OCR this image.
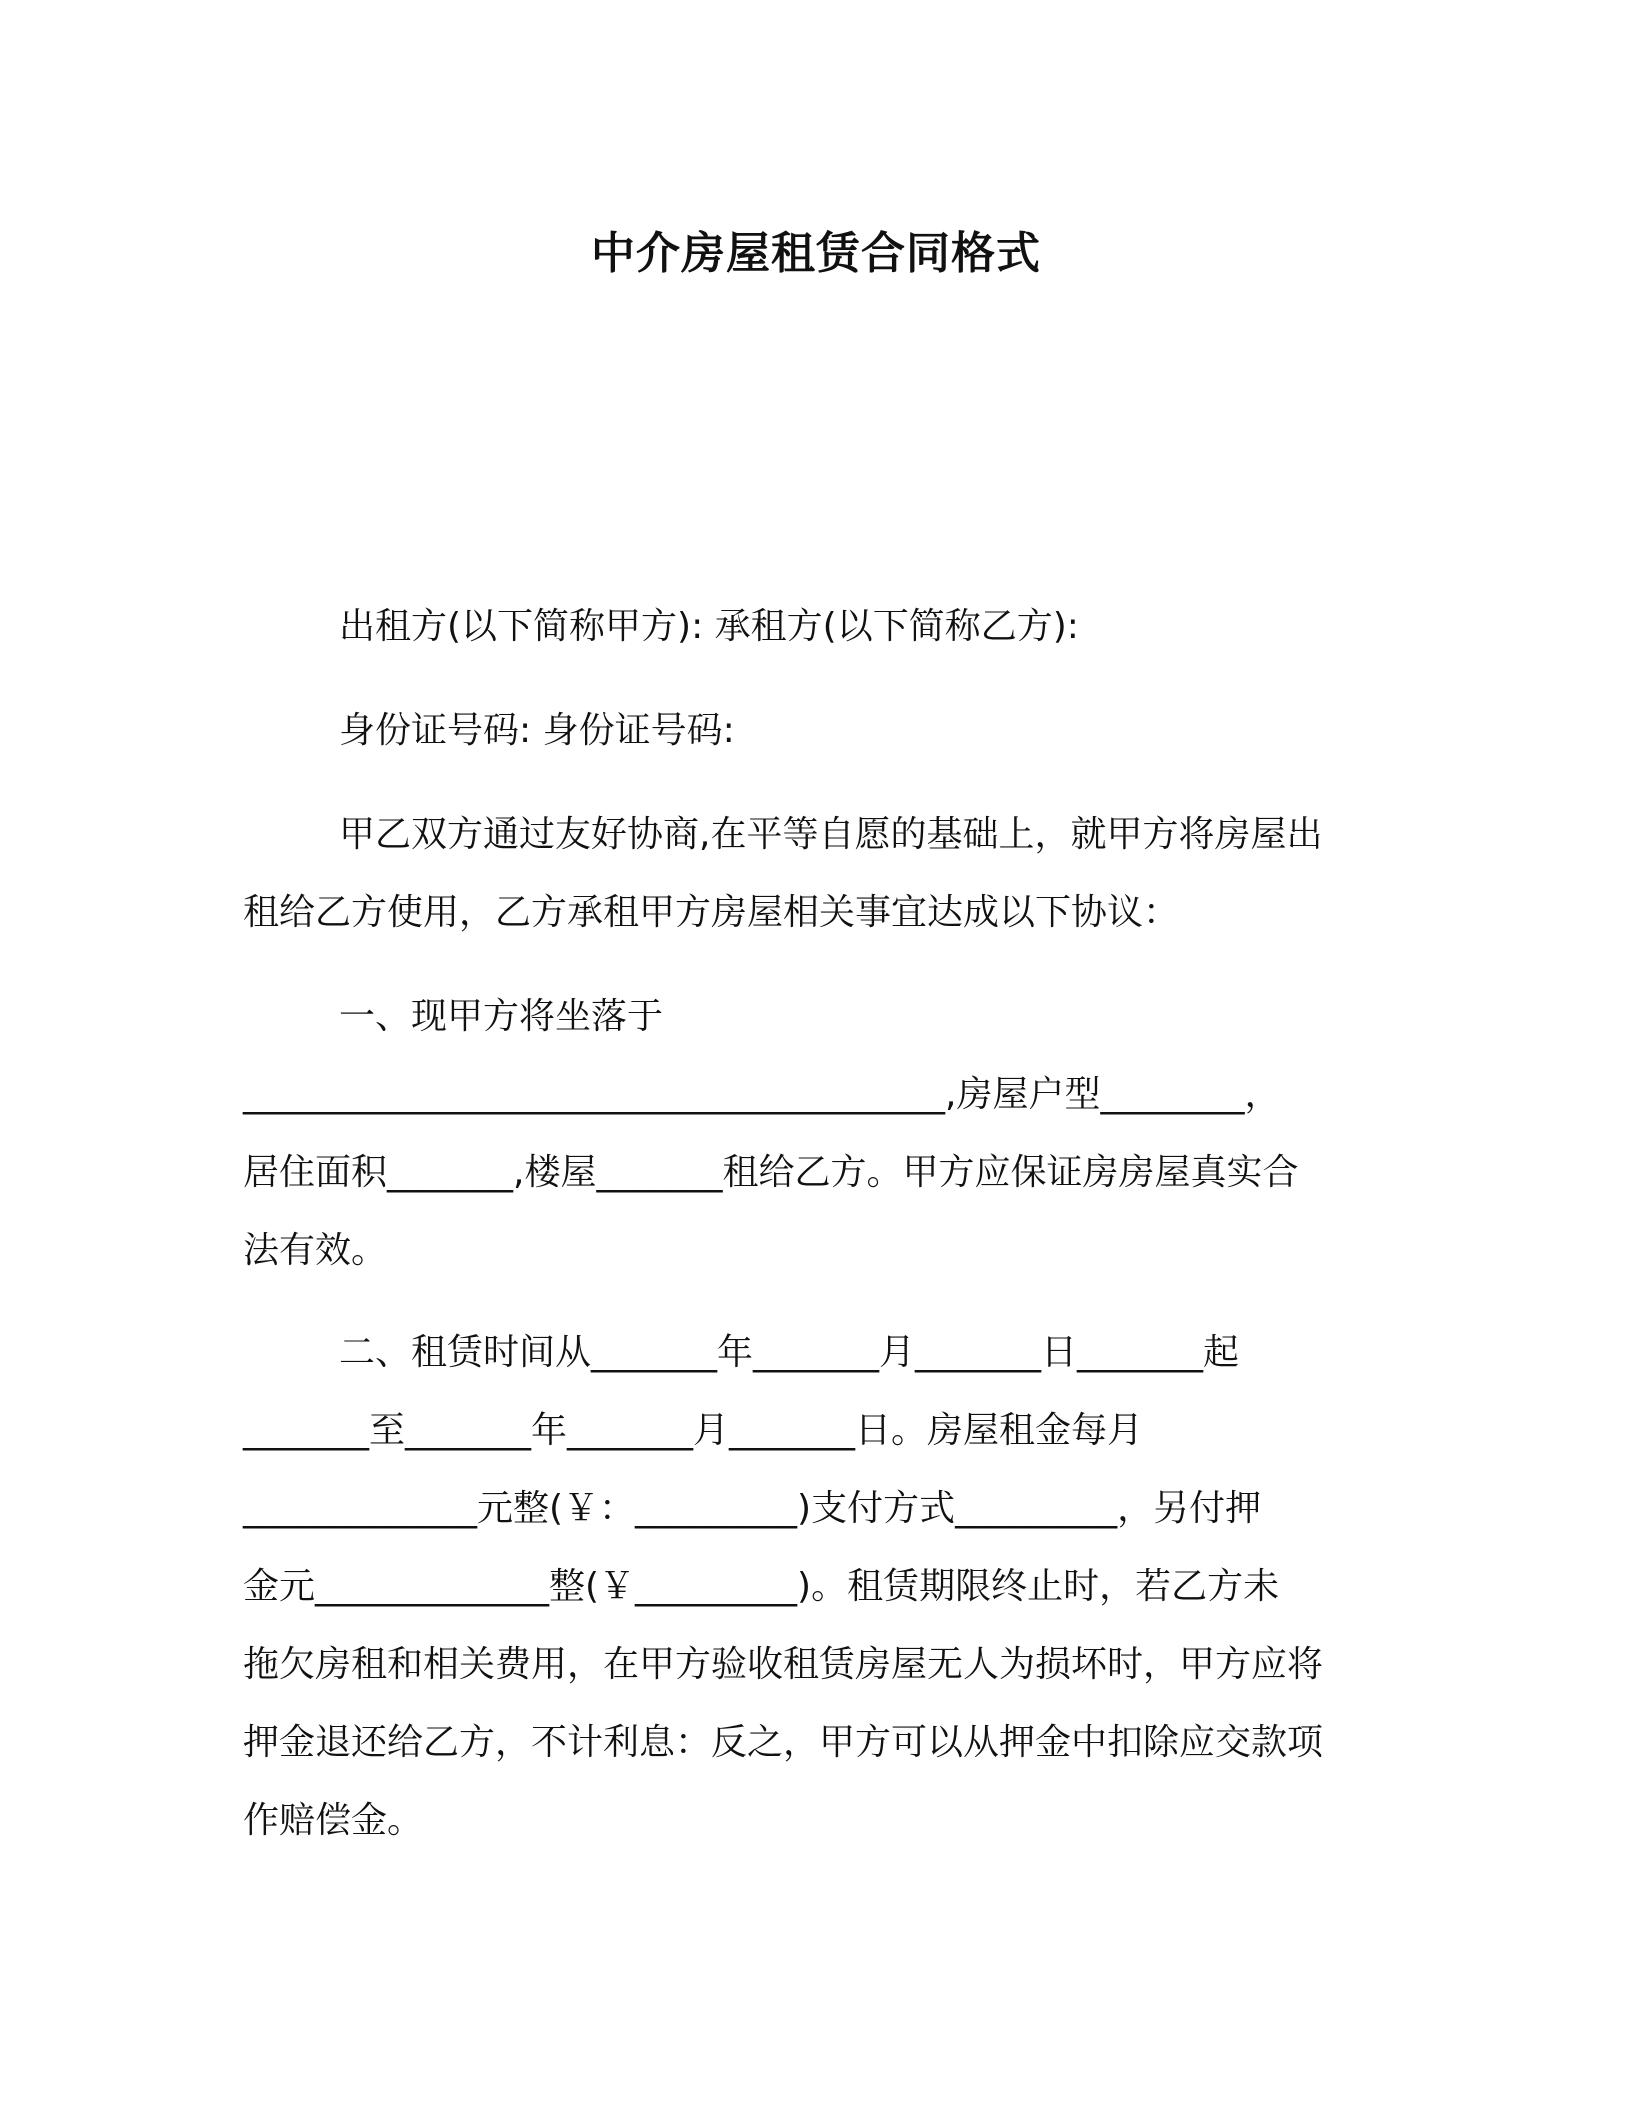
中介房屋租赁合同格式

出租方(以下简称甲方): 承租方(以下简称乙方):

身份证号码: 身份证号码:

甲乙双方通过友好协商,在平等自愿的基础上，就甲方将房屋出
租给乙方使用，乙方承租甲方房屋相关事宜达成以下协议：

一、现甲方将坐落于
_______________________________________,房屋户型________，
居住面积_______,楼屋_______租给乙方。甲方应保证房房屋真实合
法有效。

二、租赁时间从_______年_______月_______日_______起
_______至_______年_______月_______日。房屋租金每月
_____________元整(￥：_________)支付方式_________，另付押
金元_____________整(￥_________)。租赁期限终止时，若乙方未
拖欠房租和相关费用，在甲方验收租赁房屋无人为损坏时，甲方应将
押金退还给乙方，不计利息：反之，甲方可以从押金中扣除应交款项
作赔偿金。
